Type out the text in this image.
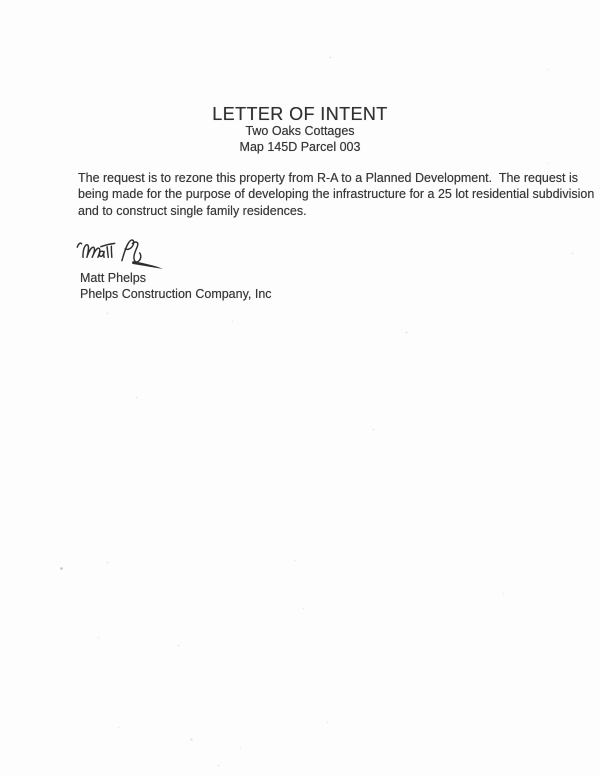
LETTER OF INTENT
Two Oaks Cottages
Map 145D Parcel 003
The request is to rezone this property from R-A to a Planned Development.  The request is
being made for the purpose of developing the infrastructure for a 25 lot residential subdivision
and to construct single family residences.
Matt Phelps
Phelps Construction Company, Inc
